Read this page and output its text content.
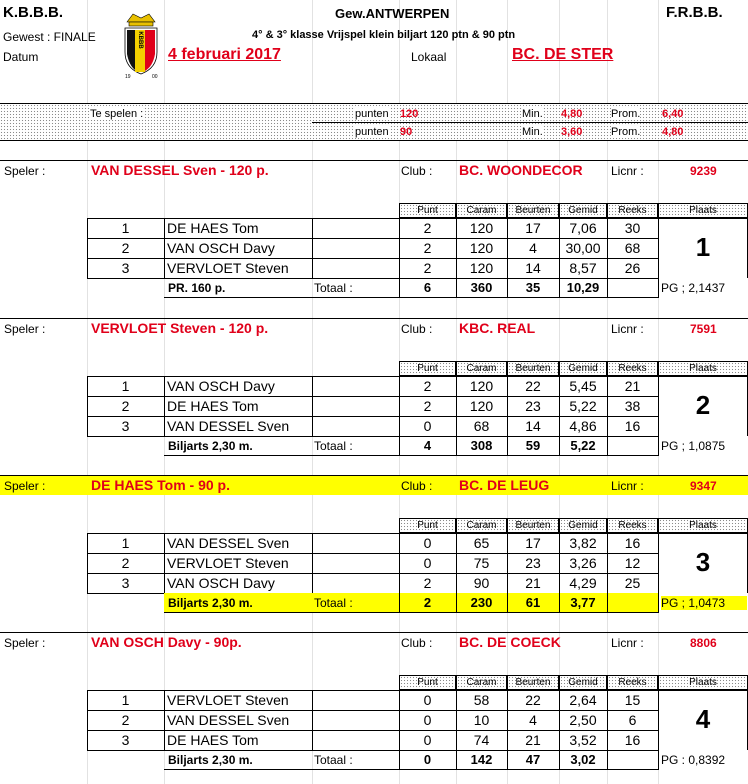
K.B.B.B.
Gewest : FINALE
Datum	4 februari 2017
KBBB
19	00
Gew.ANTWERPEN
4° & 3° klasse Vrijspel klein biljart 120 ptn & 90 ptn
Lokaal	BC. DE STER
F.R.B.B.
Te spelen :	punten 120	Min. 4,80	Prom. 6,40
punten 90	Min. 3,60	Prom. 4,80
Speler :	VAN DESSEL Sven - 120 p.	Club : BC. WOONDECOR Licnr :	9239
Punt	Caram	Beurten	Gemid	Reeks	Plaats
1	DE HAES Tom	2	120	17	7,06	30
2	VAN OSCH Davy	2	120	4	30,00	68
3	VERVLOET Steven	2	120	14	8,57	26
1
PR. 160 p.	Totaal :	6	360	35	10,29	PG ; 2,1437
Speler :	VERVLOET Steven - 120 p.	Club : KBC. REAL	Licnr :	7591
Punt	Caram	Beurten	Gemid	Reeks	Plaats
1	VAN OSCH Davy	2	120	22	5,45	21
2	DE HAES Tom	2	120	23	5,22	38
3	VAN DESSEL Sven	0	68	14	4,86	16
2
Biljarts 2,30 m.	Totaal :	4	308	59	5,22	PG ; 1,0875
Speler :	DE HAES Tom - 90 p.	Club : BC. DE LEUG	Licnr :	9347
Punt	Caram	Beurten	Gemid	Reeks	Plaats
1	VAN DESSEL Sven	0	65	17	3,82	16
2	VERVLOET Steven	0	75	23	3,26	12
3	VAN OSCH Davy	2	90	21	4,29	25
3
Biljarts 2,30 m.	Totaal :	2	230	61	3,77	PG ; 1,0473
Speler :	VAN OSCH Davy - 90p.	Club : BC. DE COECK	Licnr :	8806
Punt	Caram	Beurten	Gemid	Reeks	Plaats
1	VERVLOET Steven	0	58	22	2,64	15
2	VAN DESSEL Sven	0	10	4	2,50	6
3	DE HAES Tom	0	74	21	3,52	16
4
Biljarts 2,30 m.	Totaal :	0	142	47	3,02	PG : 0,8392
